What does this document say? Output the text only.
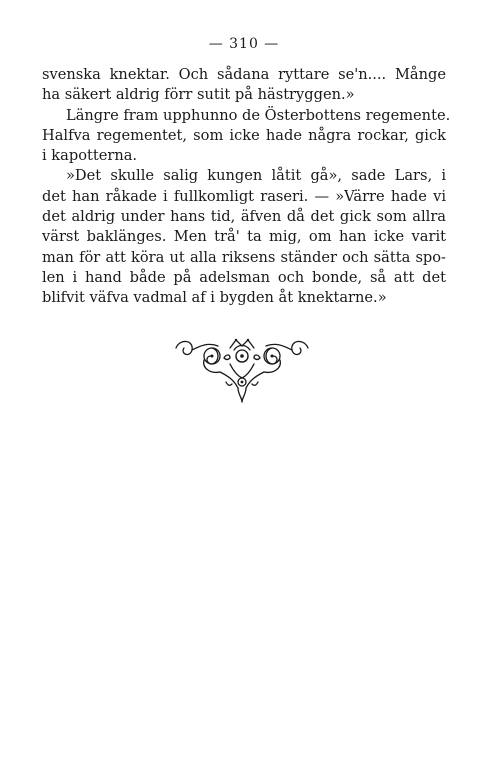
— 310 —
svenska knektar. Och sådana ryttare se'n.... Månge
ha säkert aldrig förr sutit på hästryggen.»
Längre fram upphunno de Österbottens regemente.
Halfva regementet, som icke hade några rockar, gick
i kapotterna.
»Det skulle salig kungen låtit gå», sade Lars, i
det han råkade i fullkomligt raseri. — »Värre hade vi
det aldrig under hans tid, äfven då det gick som allra
värst baklänges. Men trå' ta mig, om han icke varit
man för att köra ut alla riksens ständer och sätta spo-
len i hand både på adelsman och bonde, så att det
blifvit väfva vadmal af i bygden åt knektarne.»
